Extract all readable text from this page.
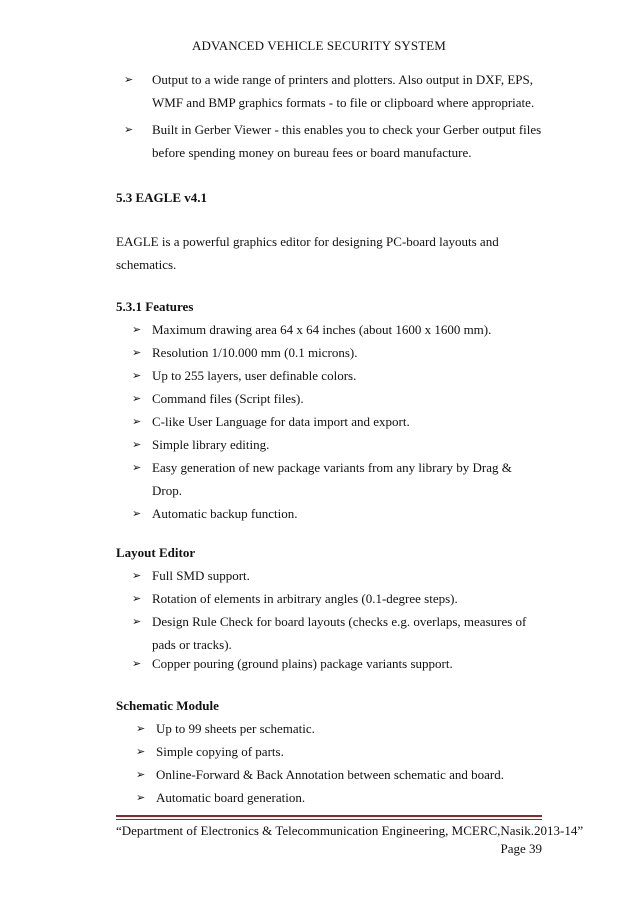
ADVANCED VEHICLE SECURITY SYSTEM
➢	Output to a wide range of printers and plotters. Also output in DXF, EPS,
WMF and BMP graphics formats - to file or clipboard where appropriate.
➢	Built in Gerber Viewer - this enables you to check your Gerber output files
before spending money on bureau fees or board manufacture.
5.3 EAGLE v4.1
EAGLE is a powerful graphics editor for designing PC-board layouts and
schematics.
5.3.1 Features
➢ Maximum drawing area 64 x 64 inches (about 1600 x 1600 mm).
➢ Resolution 1/10.000 mm (0.1 microns).
➢ Up to 255 layers, user definable colors.
➢ Command files (Script files).
➢ C-like User Language for data import and export.
➢ Simple library editing.
➢ Easy generation of new package variants from any library by Drag &
Drop.
➢ Automatic backup function.
Layout Editor
➢ Full SMD support.
➢ Rotation of elements in arbitrary angles (0.1-degree steps).
➢ Design Rule Check for board layouts (checks e.g. overlaps, measures of
pads or tracks).
➢ Copper pouring (ground plains) package variants support.
Schematic Module
➢ Up to 99 sheets per schematic.
➢ Simple copying of parts.
➢ Online-Forward & Back Annotation between schematic and board.
➢ Automatic board generation.
“Department of Electronics & Telecommunication Engineering, MCERC,Nasik.2013-14”
Page 39
